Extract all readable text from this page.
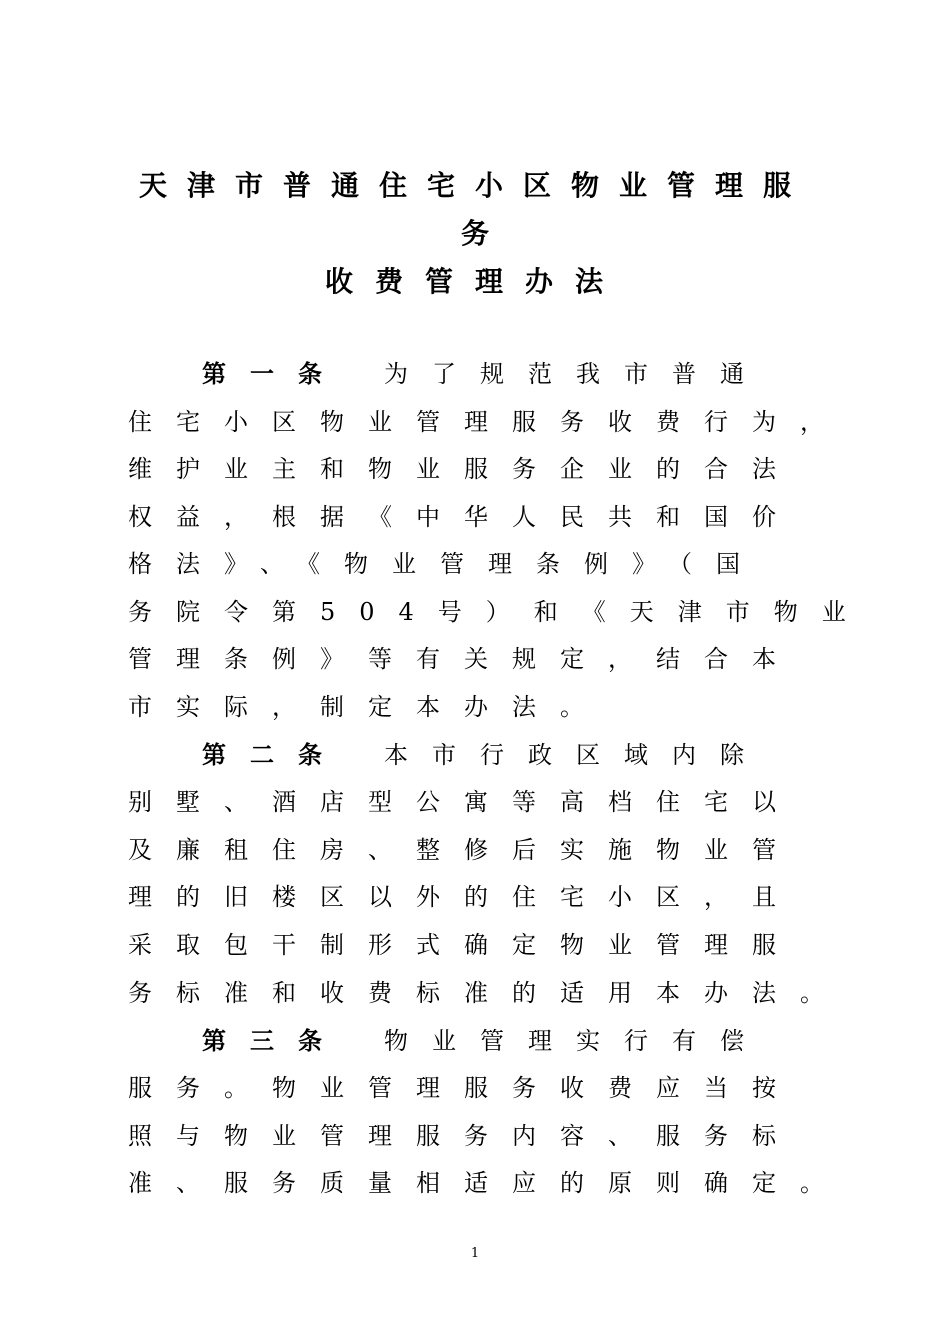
天津市普通住宅小区物业管理服
务
收费管理办法
第一条 为了规范我市普通
住宅小区物业管理服务收费行为，
维护业主和物业服务企业的合法
权益，根据《中华人民共和国价
格法》、《物业管理条例》（国
务院令第504号）和《天津市物业
管理条例》等有关规定，结合本
市实际，制定本办法。
第二条 本市行政区域内除
别墅、酒店型公寓等高档住宅以
及廉租住房、整修后实施物业管
理的旧楼区以外的住宅小区，且
采取包干制形式确定物业管理服
务标准和收费标准的适用本办法。
第三条 物业管理实行有偿
服务。物业管理服务收费应当按
照与物业管理服务内容、服务标
准、服务质量相适应的原则确定。
1
